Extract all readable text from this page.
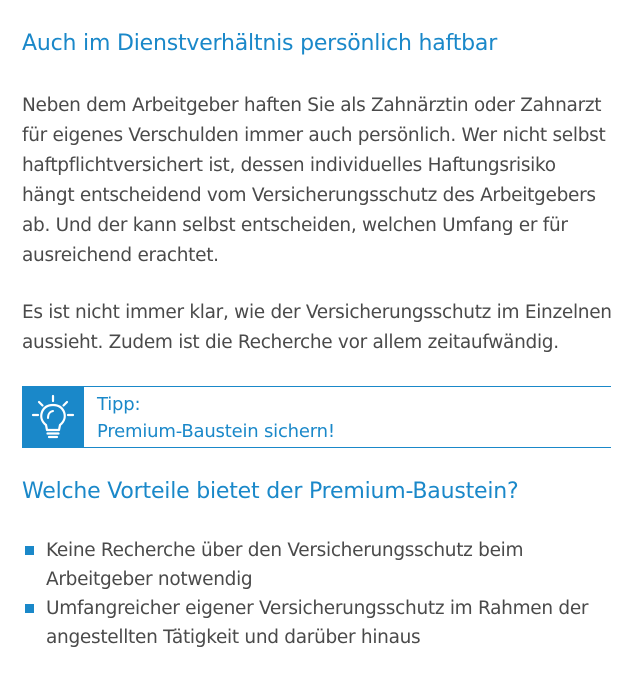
Auch im Dienstverhältnis persönlich haftbar

Neben dem Arbeitgeber haften Sie als Zahnärztin oder Zahnarzt für eigenes Verschulden immer auch persönlich. Wer nicht selbst haftpflichtversichert ist, dessen individuelles Haftungsrisiko hängt entscheidend vom Versicherungsschutz des Arbeitgebers ab. Und der kann selbst entscheiden, welchen Umfang er für ausreichend erachtet.

Es ist nicht immer klar, wie der Versicherungsschutz im Einzelnen aussieht. Zudem ist die Recherche vor allem zeitaufwändig.

Tipp:
Premium-Baustein sichern!
Welche Vorteile bietet der Premium-Baustein?
Keine Recherche über den Versicherungsschutz beim Arbeitgeber notwendig
Umfangreicher eigener Versicherungsschutz im Rahmen der angestellten Tätigkeit und darüber hinaus
